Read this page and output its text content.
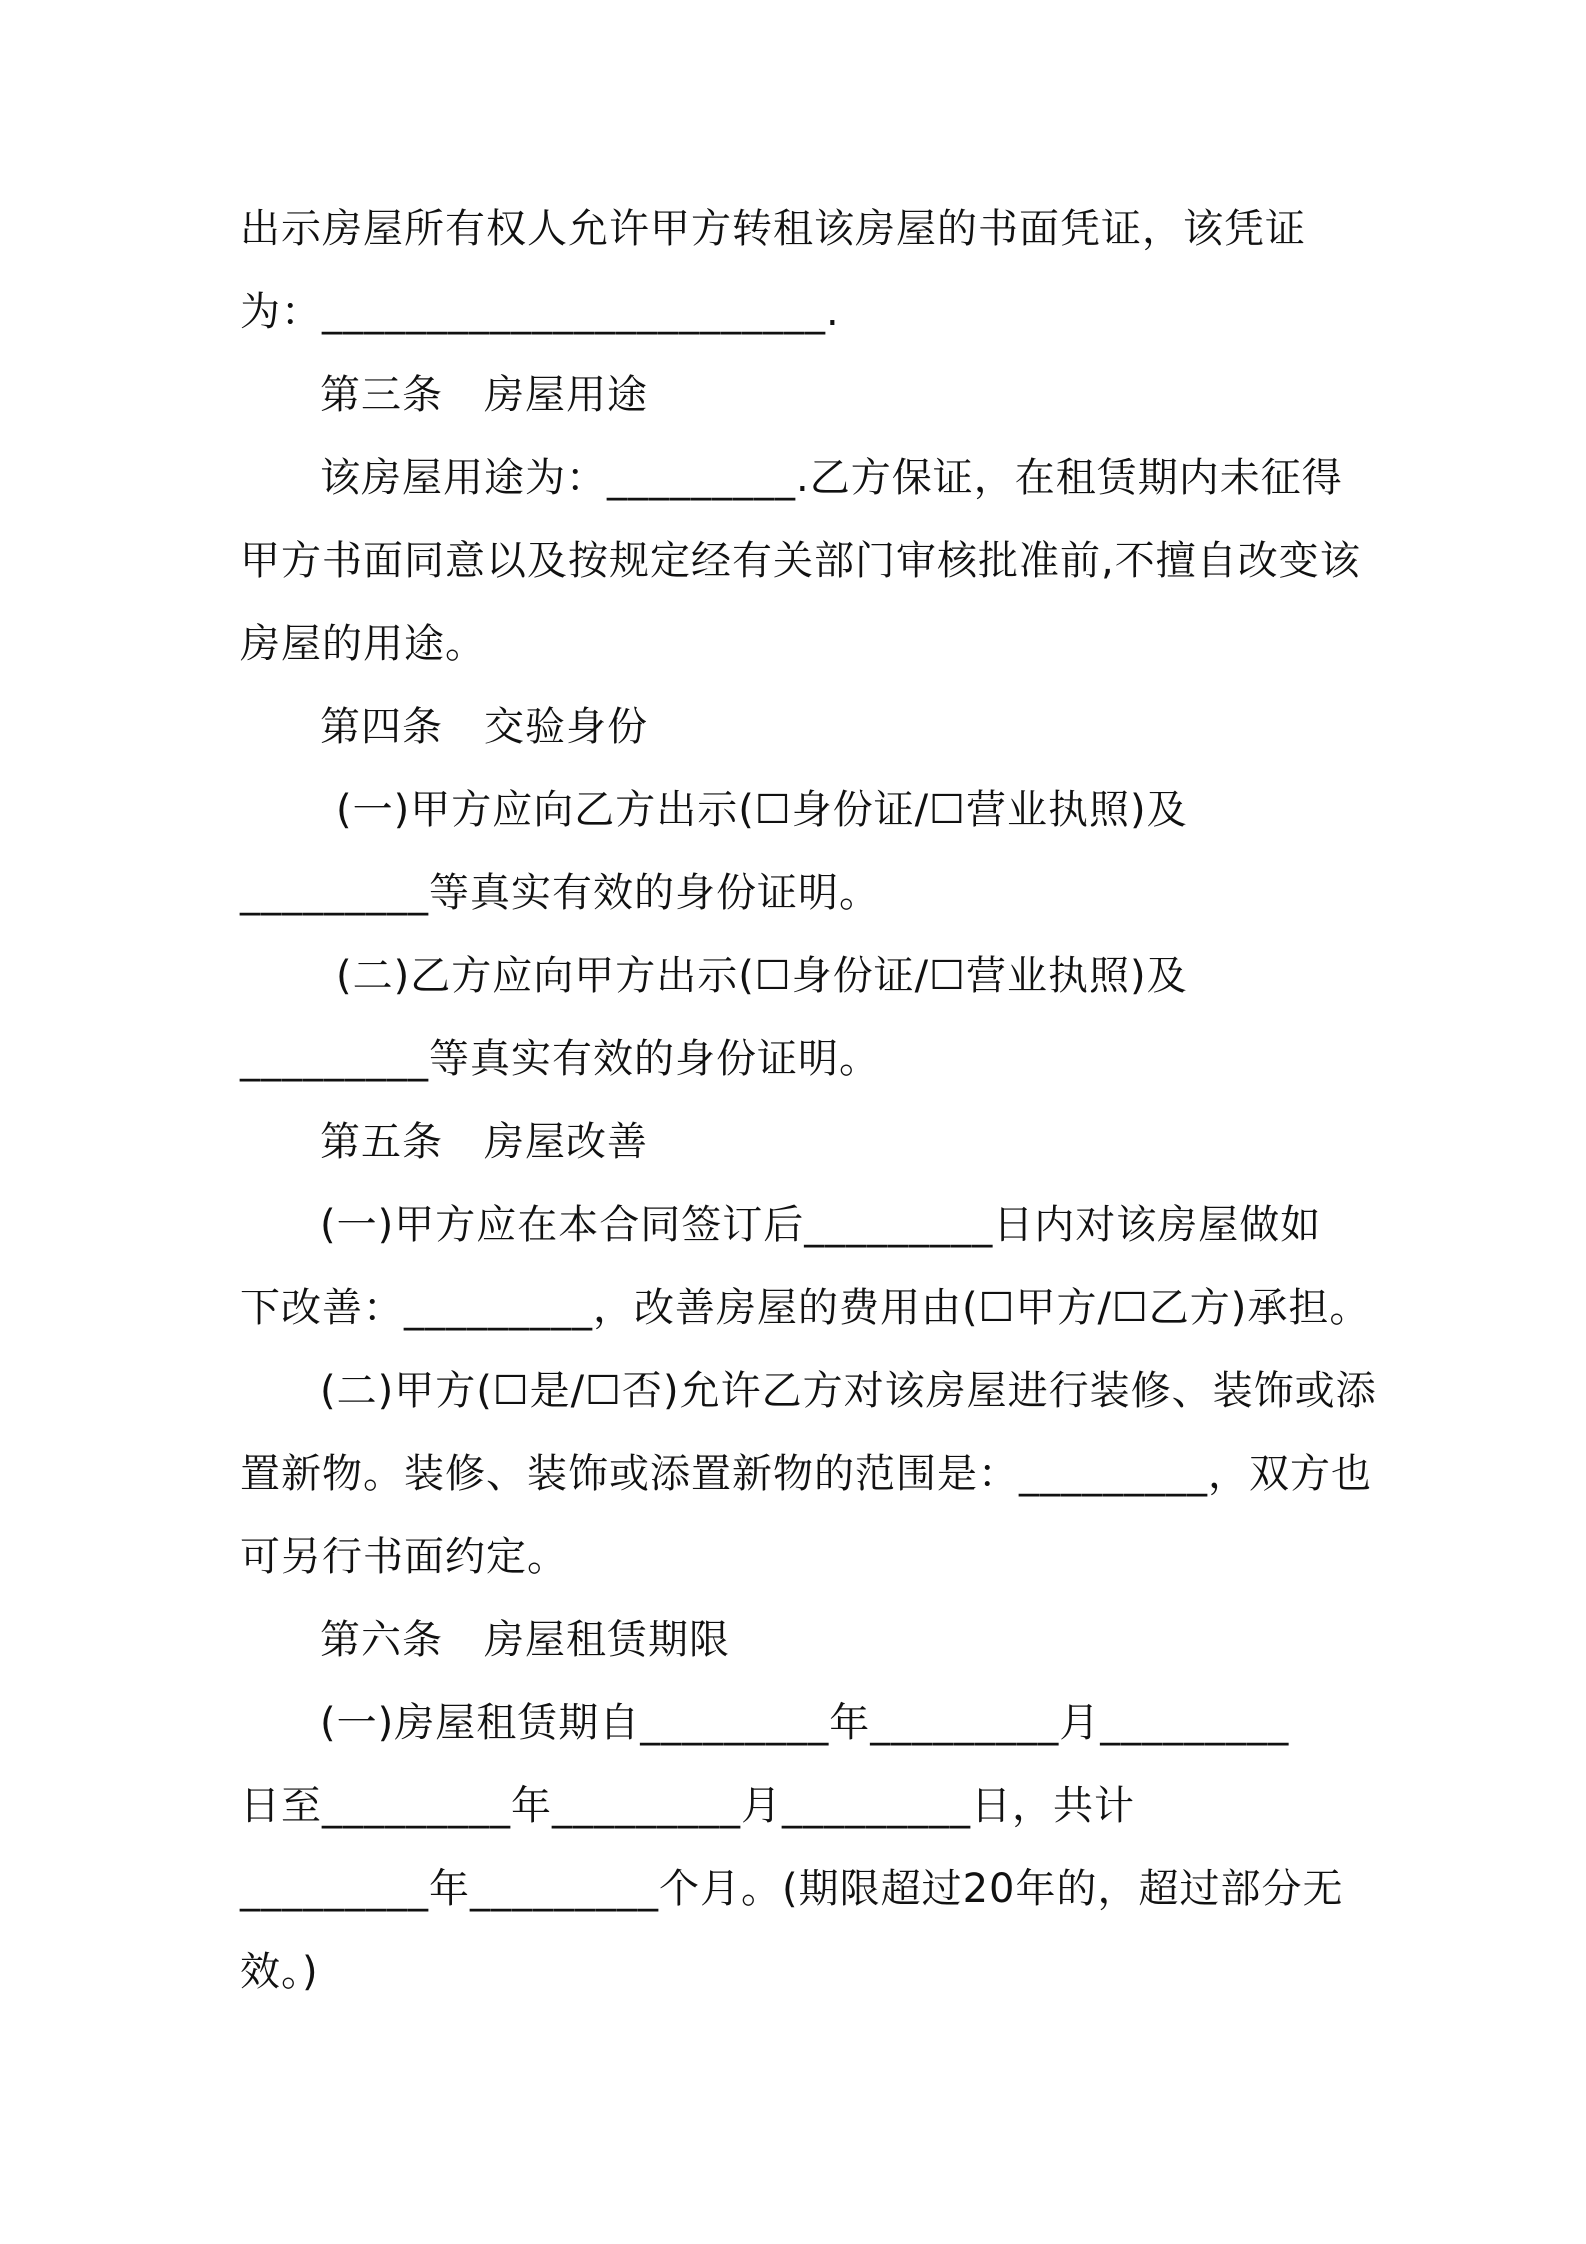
出示房屋所有权人允许甲方转租该房屋的书面凭证，该凭证
为：________________________.
第三条　房屋用途
该房屋用途为：_________.乙方保证，在租赁期内未征得
甲方书面同意以及按规定经有关部门审核批准前,不擅自改变该
房屋的用途。
第四条　交验身份
(一)甲方应向乙方出示(☐身份证/☐营业执照)及
_________等真实有效的身份证明。
(二)乙方应向甲方出示(☐身份证/☐营业执照)及
_________等真实有效的身份证明。
第五条　房屋改善
(一)甲方应在本合同签订后_________日内对该房屋做如
下改善：_________，改善房屋的费用由(☐甲方/☐乙方)承担。
(二)甲方(☐是/☐否)允许乙方对该房屋进行装修、装饰或添
置新物。装修、装饰或添置新物的范围是：_________，双方也
可另行书面约定。
第六条　房屋租赁期限
(一)房屋租赁期自_________年_________月_________
日至_________年_________月_________日，共计
_________年_________个月。(期限超过20年的，超过部分无
效。)
